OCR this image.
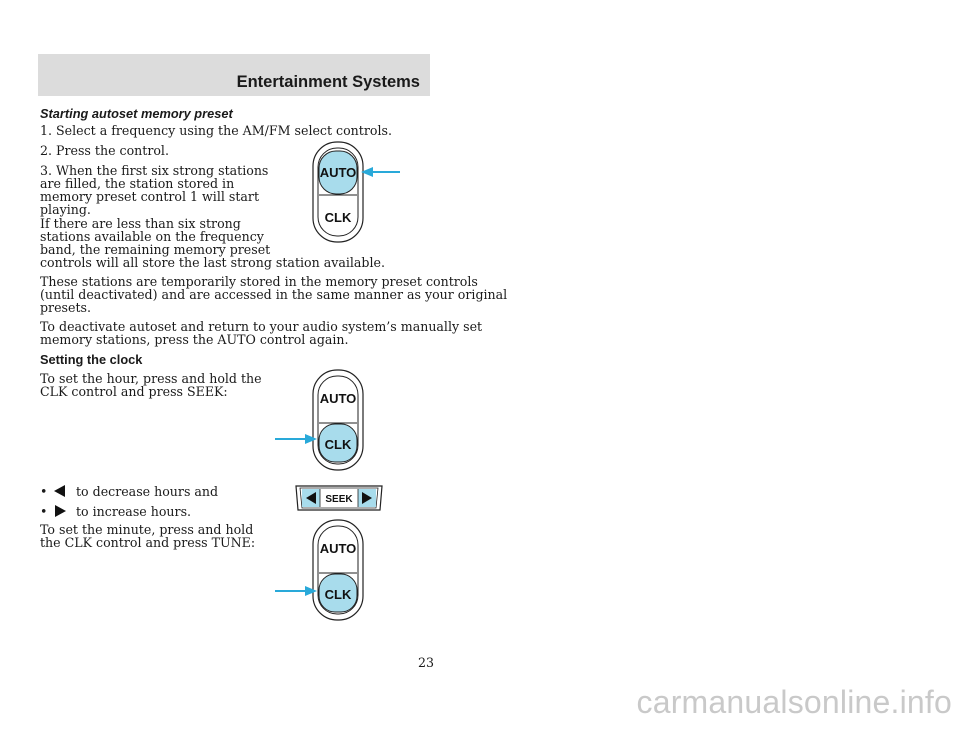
Entertainment Systems
Starting autoset memory preset

1. Select a frequency using the AM/FM select controls.

2. Press the control.

3. When the first six strong stations

are filled, the station stored in

memory preset control 1 will start

playing.

If there are less than six strong

stations available on the frequency

band, the remaining memory preset

controls will all store the last strong station available.

These stations are temporarily stored in the memory preset controls

(until deactivated) and are accessed in the same manner as your original

presets.

To deactivate autoset and return to your audio system’s manually set

memory stations, press the AUTO control again.

Setting the clock

To set the hour, press and hold the

CLK control and press SEEK:

• to decrease hours and
• to increase hours.

To set the minute, press and hold

the CLK control and press TUNE:

AUTO
CLK
AUTO
CLK
SEEK
AUTO
CLK
23
carmanualsonline.info
